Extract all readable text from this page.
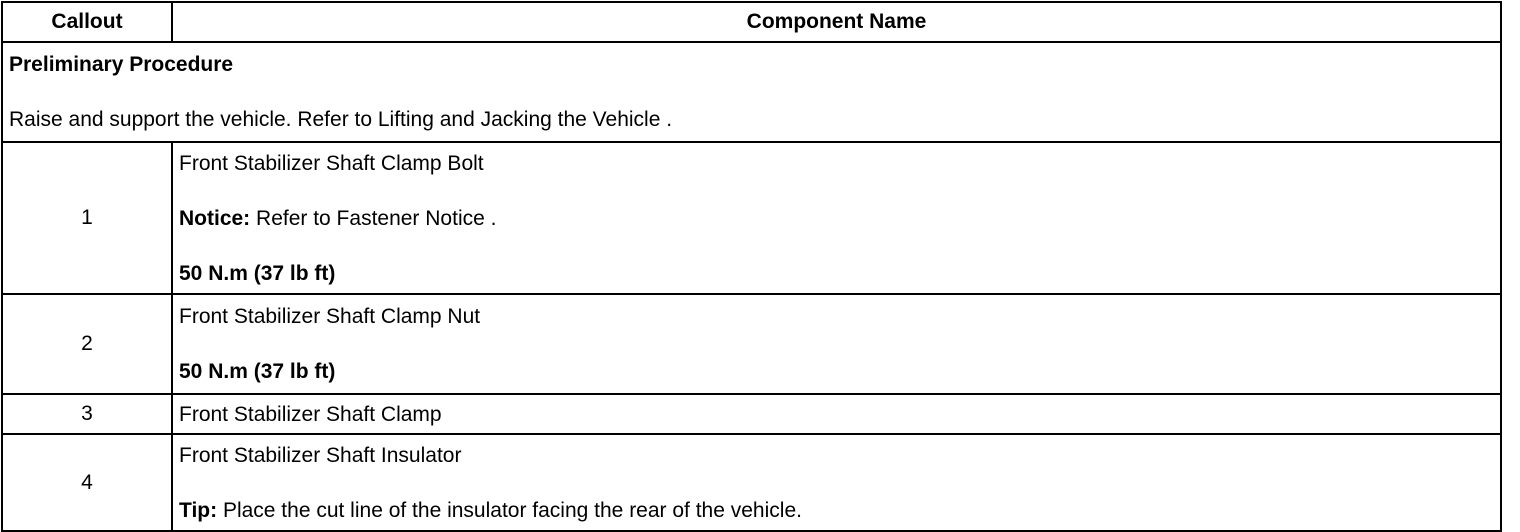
Callout	Component Name

Preliminary Procedure
Raise and support the vehicle. Refer to Lifting and Jacking the Vehicle .	

1	Front Stabilizer Shaft Clamp Bolt
Notice: Refer to Fastener Notice .
50 N.m (37 lb ft)

2	Front Stabilizer Shaft Clamp Nut
50 N.m (37 lb ft)

3	Front Stabilizer Shaft Clamp

4	Front Stabilizer Shaft Insulator
Tip: Place the cut line of the insulator facing the rear of the vehicle.
